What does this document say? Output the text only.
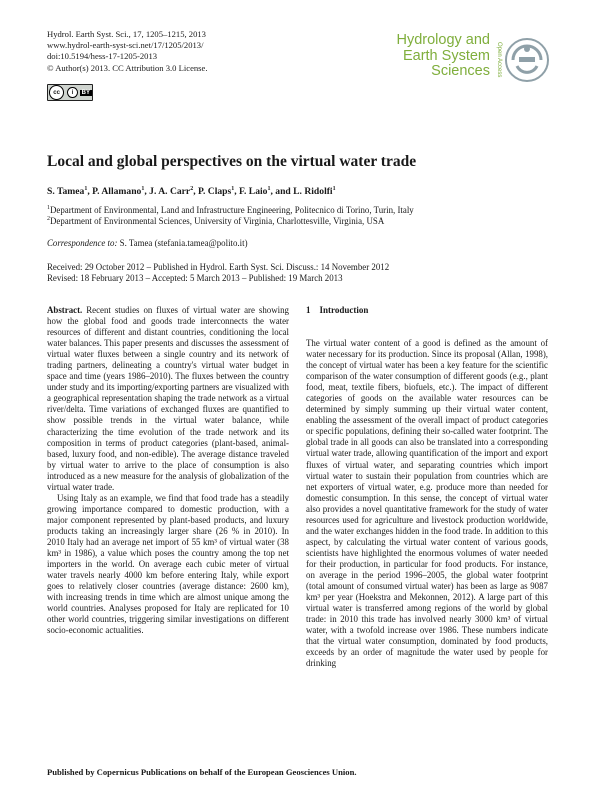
Hydrol. Earth Syst. Sci., 17, 1205–1215, 2013
www.hydrol-earth-syst-sci.net/17/1205/2013/
doi:10.5194/hess-17-1205-2013
© Author(s) 2013. CC Attribution 3.0 License.
cc	i	BY
Hydrology and
Earth System
Sciences	Open Access
Local and global perspectives on the virtual water trade
S. Tamea$^1$, P. Allamano$^1$, J. A. Carr$^2$, P. Claps$^1$, F. Laio$^1$, and L. Ridolfi$^1$
$^1$Department of Environmental, Land and Infrastructure Engineering, Politecnico di Torino, Turin, Italy
$^2$Department of Environmental Sciences, University of Virginia, Charlottesville, Virginia, USA
Correspondence to: S. Tamea (stefania.tamea@polito.it)
Received: 29 October 2012 – Published in Hydrol. Earth Syst. Sci. Discuss.: 14 November 2012
Revised: 18 February 2013 – Accepted: 5 March 2013 – Published: 19 March 2013

Abstract. Recent studies on fluxes of virtual water are showing how the global food and goods trade interconnects the water resources of different and distant countries, conditioning the local water balances. This paper presents and discusses the assessment of virtual water fluxes between a single country and its network of trading partners, delineating a country's virtual water budget in space and time (years 1986–2010). The fluxes between the country under study and its importing/exporting partners are visualized with a geographical representation shaping the trade network as a virtual river/delta. Time variations of exchanged fluxes are quantified to show possible trends in the virtual water balance, while characterizing the time evolution of the trade network and its composition in terms of product categories (plant-based, animal-based, luxury food, and non-edible). The average distance traveled by virtual water to arrive to the place of consumption is also introduced as a new measure for the analysis of globalization of the virtual water trade.

Using Italy as an example, we find that food trade has a steadily growing importance compared to domestic production, with a major component represented by plant-based products, and luxury products taking an increasingly larger share (26 % in 2010). In 2010 Italy had an average net import of 55 km³ of virtual water (38 km³ in 1986), a value which poses the country among the top net importers in the world. On average each cubic meter of virtual water travels nearly 4000 km before entering Italy, while export goes to relatively closer countries (average distance: 2600 km), with increasing trends in time which are almost unique among the world countries. Analyses proposed for Italy are replicated for 10 other world countries, triggering similar investigations on different socio-economic actualities.

1 Introduction

The virtual water content of a good is defined as the amount of water necessary for its production. Since its proposal (Allan, 1998), the concept of virtual water has been a key feature for the scientific comparison of the water consumption of different goods (e.g., plant food, meat, textile fibers, biofuels, etc.). The impact of different categories of goods on the available water resources can be determined by simply summing up their virtual water content, enabling the assessment of the overall impact of product categories or specific populations, defining their so-called water footprint. The global trade in all goods can also be translated into a corresponding virtual water trade, allowing quantification of the import and export fluxes of virtual water, and separating countries which import virtual water to sustain their population from countries which are net exporters of virtual water, e.g. produce more than needed for domestic consumption. In this sense, the concept of virtual water also provides a novel quantitative framework for the study of water resources used for agriculture and livestock production worldwide, and the water exchanges hidden in the food trade. In addition to this aspect, by calculating the virtual water content of various goods, scientists have highlighted the enormous volumes of water needed for their production, in particular for food products. For instance, on average in the period 1996–2005, the global water footprint (total amount of consumed virtual water) has been as large as 9087 km³ per year (Hoekstra and Mekonnen, 2012). A large part of this virtual water is transferred among regions of the world by global trade: in 2010 this trade has involved nearly 3000 km³ of virtual water, with a twofold increase over 1986. These numbers indicate that the virtual water consumption, dominated by food products, exceeds by an order of magnitude the water used by people for drinking

Published by Copernicus Publications on behalf of the European Geosciences Union.
